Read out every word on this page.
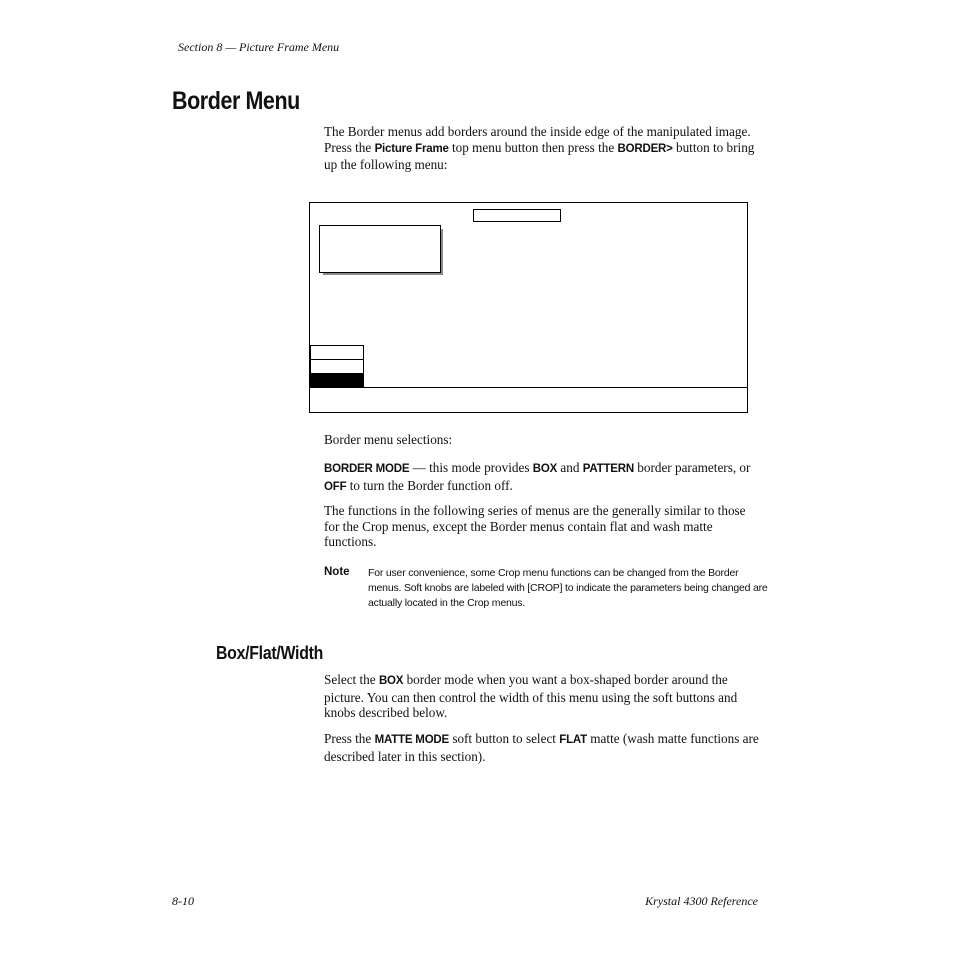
Section 8 — Picture Frame Menu
Border Menu

The Border menus add borders around the inside edge of the manipulated image. Press the Picture Frame top menu button then press the BORDER> button to bring up the following menu:

Border menu selections:

BORDER MODE — this mode provides BOX and PATTERN border parameters, or OFF to turn the Border function off.

The functions in the following series of menus are the generally similar to those for the Crop menus, except the Border menus contain flat and wash matte functions.

Note For user convenience, some Crop menu functions can be changed from the Border menus. Soft knobs are labeled with [CROP] to indicate the parameters being changed are actually located in the Crop menus.
Box/Flat/Width

Select the BOX border mode when you want a box-shaped border around the picture. You can then control the width of this menu using the soft buttons and knobs described below.

Press the MATTE MODE soft button to select FLAT matte (wash matte functions are described later in this section).

8-10	Krystal 4300 Reference
